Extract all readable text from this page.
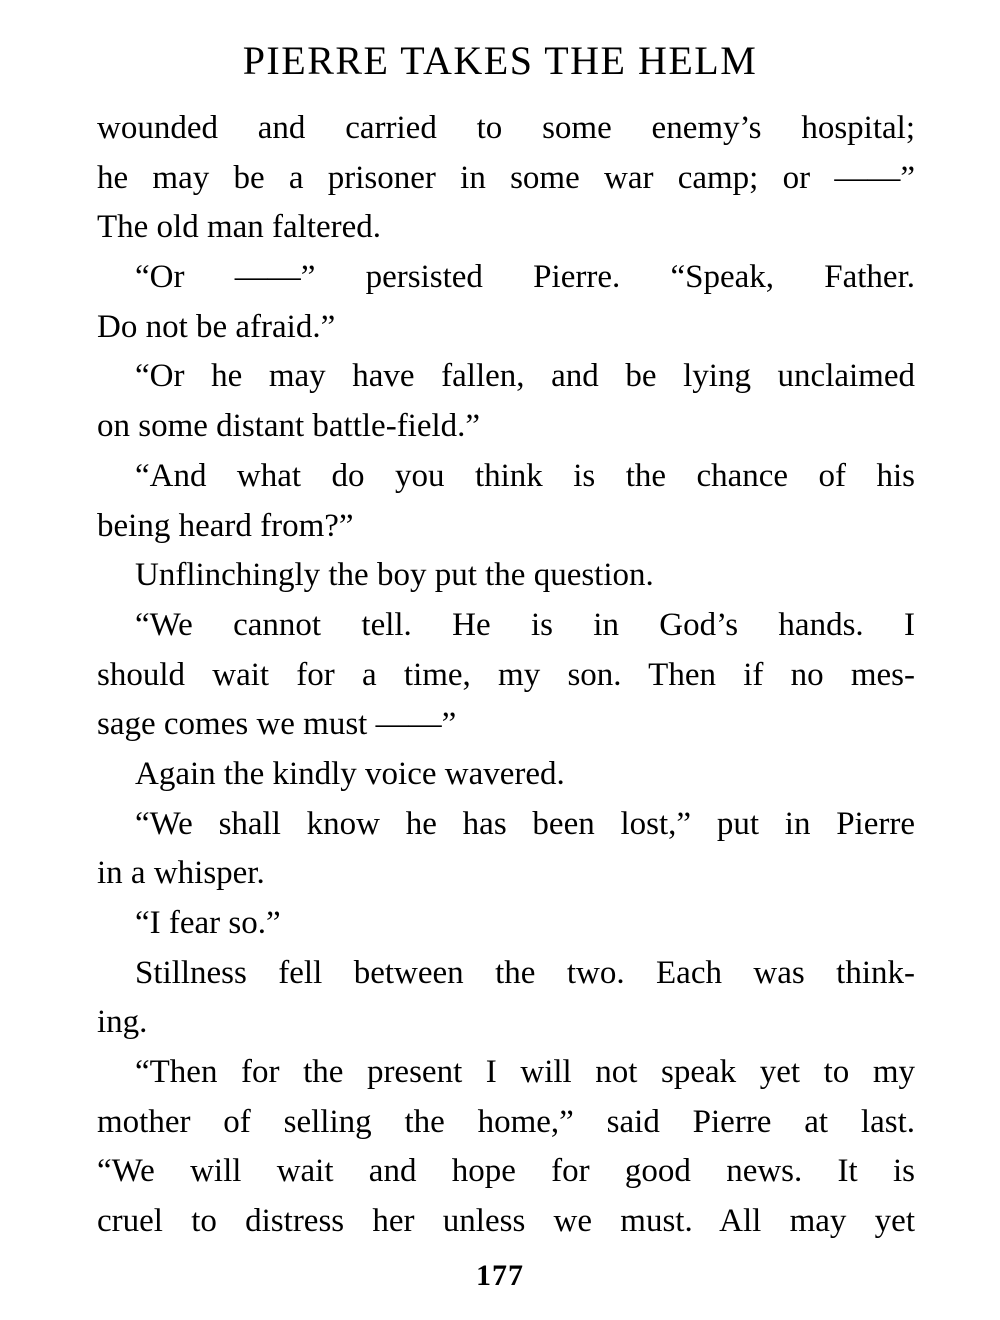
PIERRE TAKES THE HELM
wounded and carried to some enemy’s hospital;
he may be a prisoner in some war camp; or ——”
The old man faltered.
“Or ——” persisted Pierre. “Speak, Father.
Do not be afraid.”
“Or he may have fallen, and be lying unclaimed
on some distant battle-field.”
“And what do you think is the chance of his
being heard from?”
Unflinchingly the boy put the question.
“We cannot tell. He is in God’s hands. I
should wait for a time, my son. Then if no mes-
sage comes we must ——”
Again the kindly voice wavered.
“We shall know he has been lost,” put in Pierre
in a whisper.
“I fear so.”
Stillness fell between the two. Each was think-
ing.
“Then for the present I will not speak yet to my
mother of selling the home,” said Pierre at last.
“We will wait and hope for good news. It is
cruel to distress her unless we must. All may yet
177
